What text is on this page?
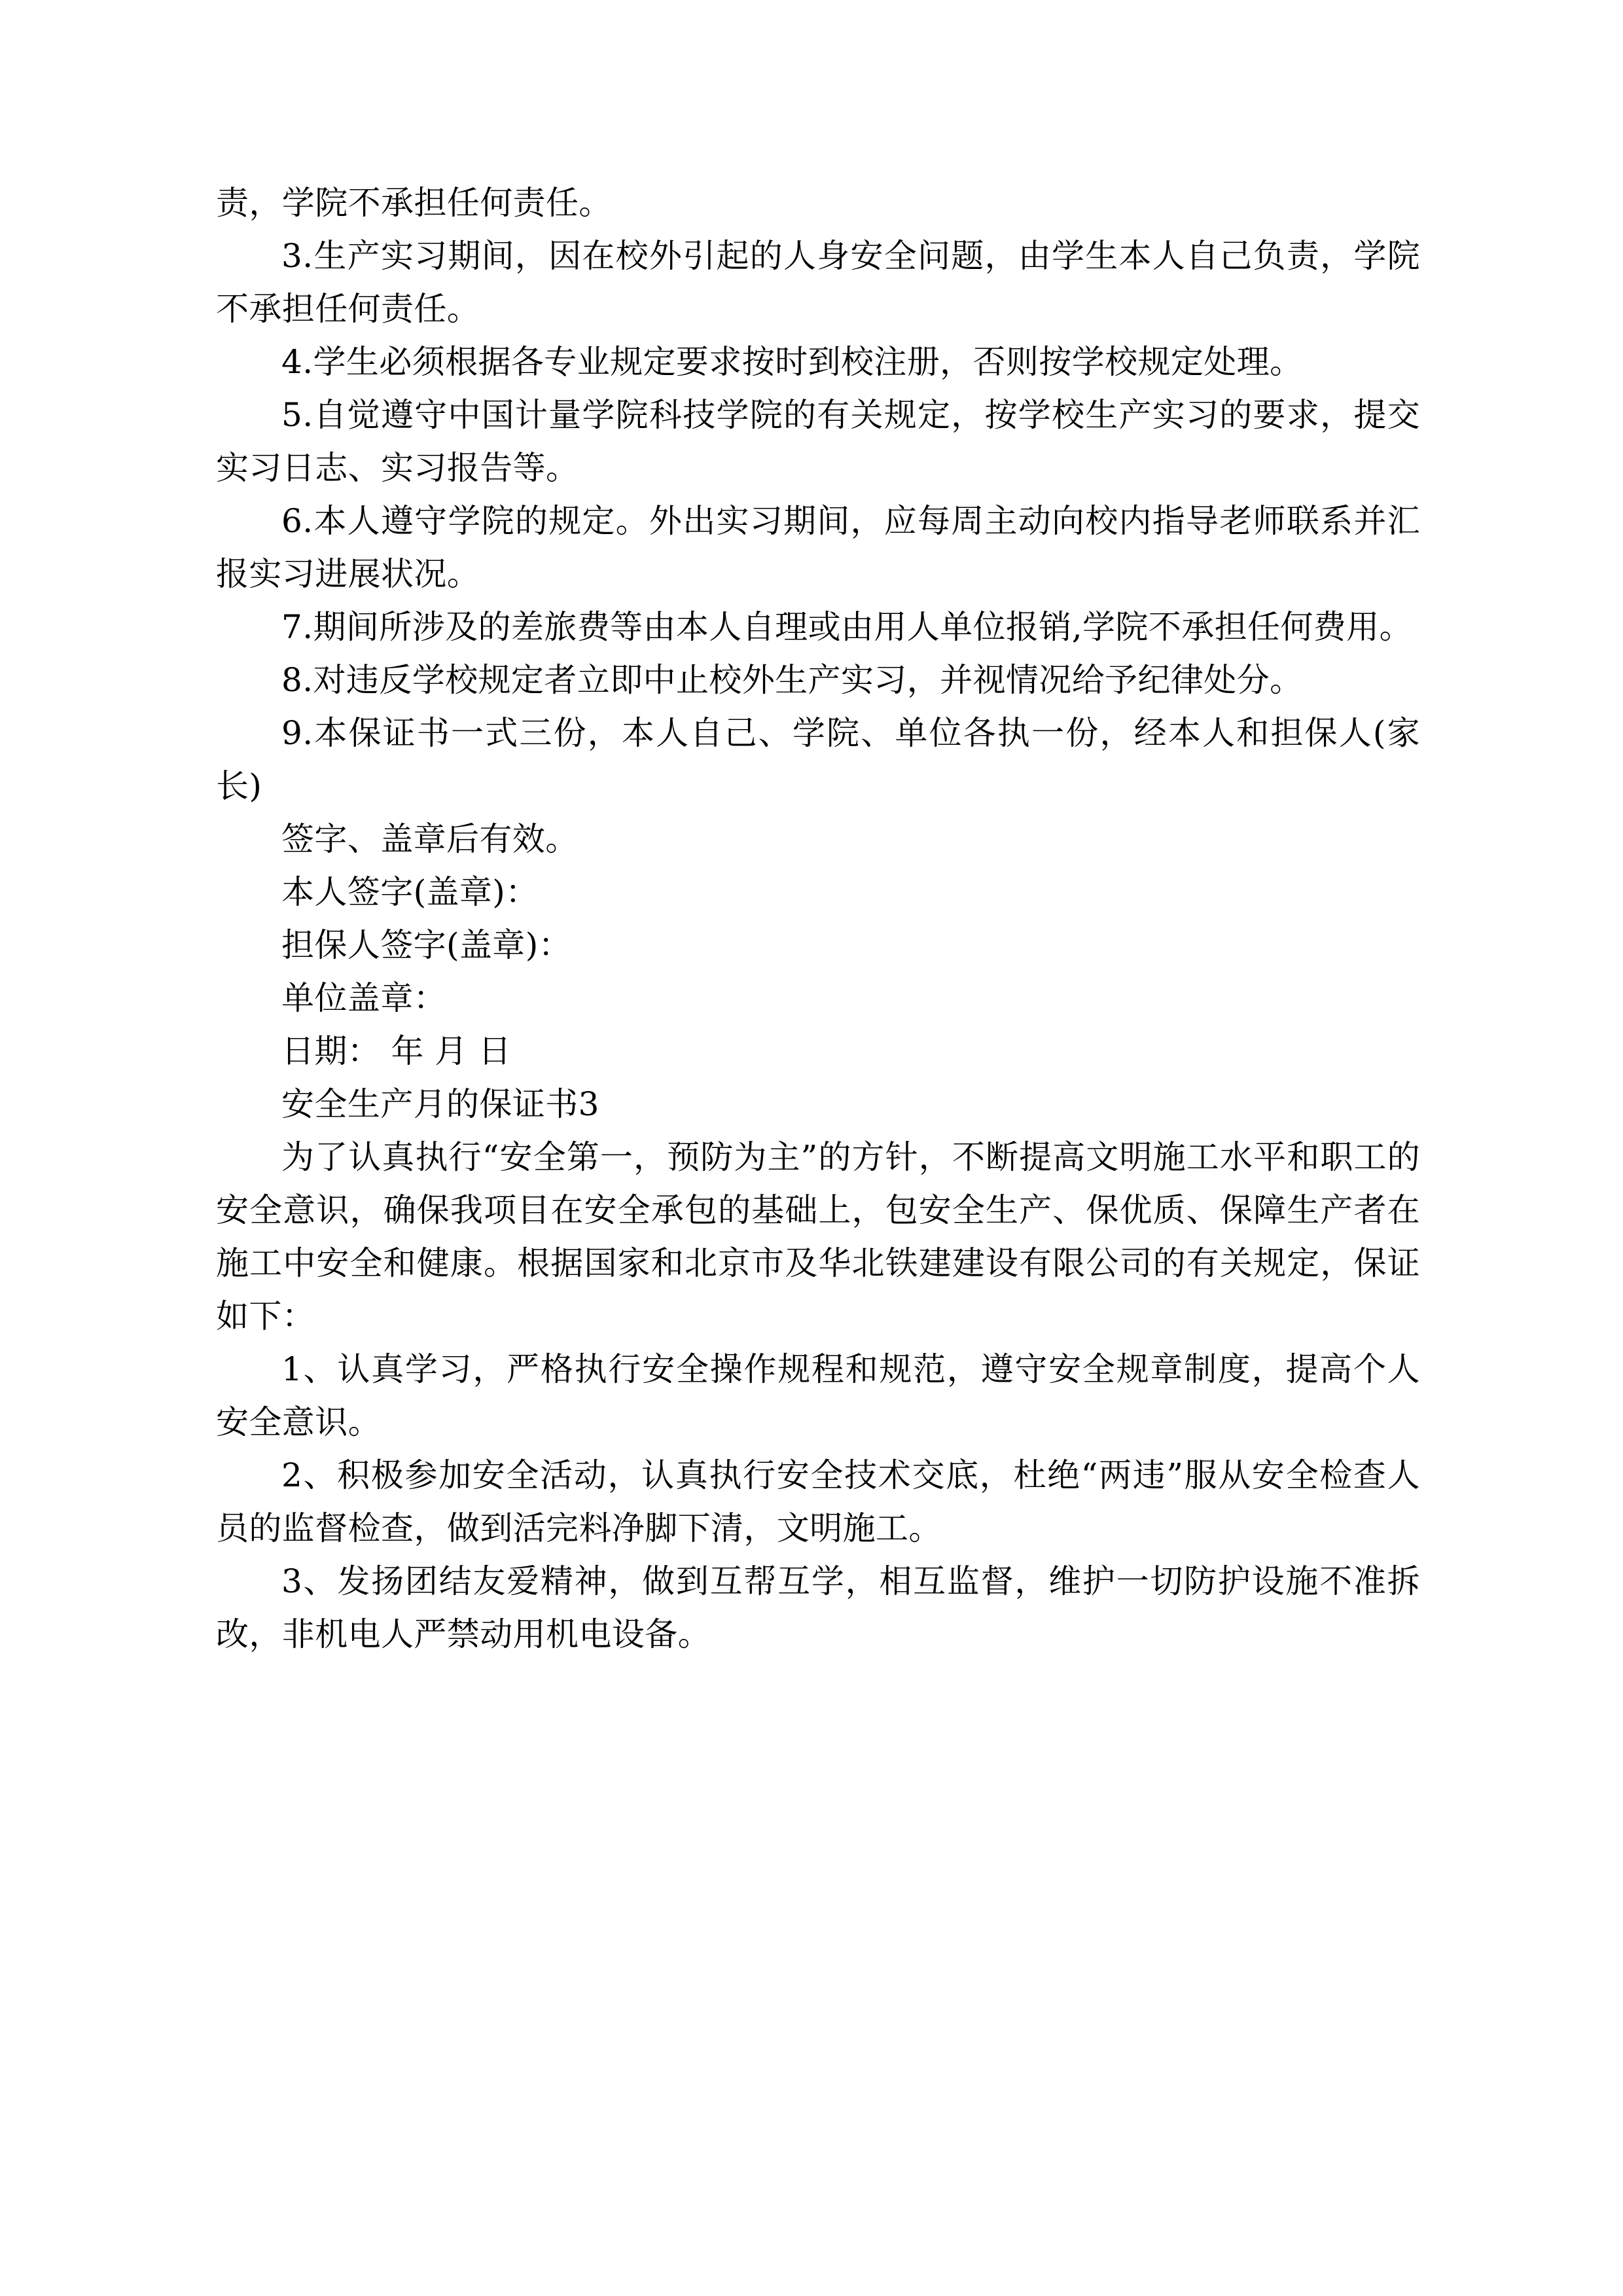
责，学院不承担任何责任。

3.生产实习期间，因在校外引起的人身安全问题，由学生本人自己负责，学院不承担任何责任。

4.学生必须根据各专业规定要求按时到校注册，否则按学校规定处理。

5.自觉遵守中国计量学院科技学院的有关规定，按学校生产实习的要求，提交实习日志、实习报告等。

6.本人遵守学院的规定。外出实习期间，应每周主动向校内指导老师联系并汇报实习进展状况。

7.期间所涉及的差旅费等由本人自理或由用人单位报销,学院不承担任何费用。

8.对违反学校规定者立即中止校外生产实习，并视情况给予纪律处分。

9.本保证书一式三份，本人自己、学院、单位各执一份，经本人和担保人(家长)

签字、盖章后有效。

本人签字(盖章)：

担保人签字(盖章)：

单位盖章：

日期： 年 月 日

安全生产月的保证书3

为了认真执行“安全第一，预防为主”的方针，不断提高文明施工水平和职工的安全意识，确保我项目在安全承包的基础上，包安全生产、保优质、保障生产者在施工中安全和健康。根据国家和北京市及华北铁建建设有限公司的有关规定，保证如下：

1、认真学习，严格执行安全操作规程和规范，遵守安全规章制度，提高个人安全意识。

2、积极参加安全活动，认真执行安全技术交底，杜绝“两违”服从安全检查人员的监督检查，做到活完料净脚下清，文明施工。

3、发扬团结友爱精神，做到互帮互学，相互监督，维护一切防护设施不准拆改，非机电人严禁动用机电设备。
